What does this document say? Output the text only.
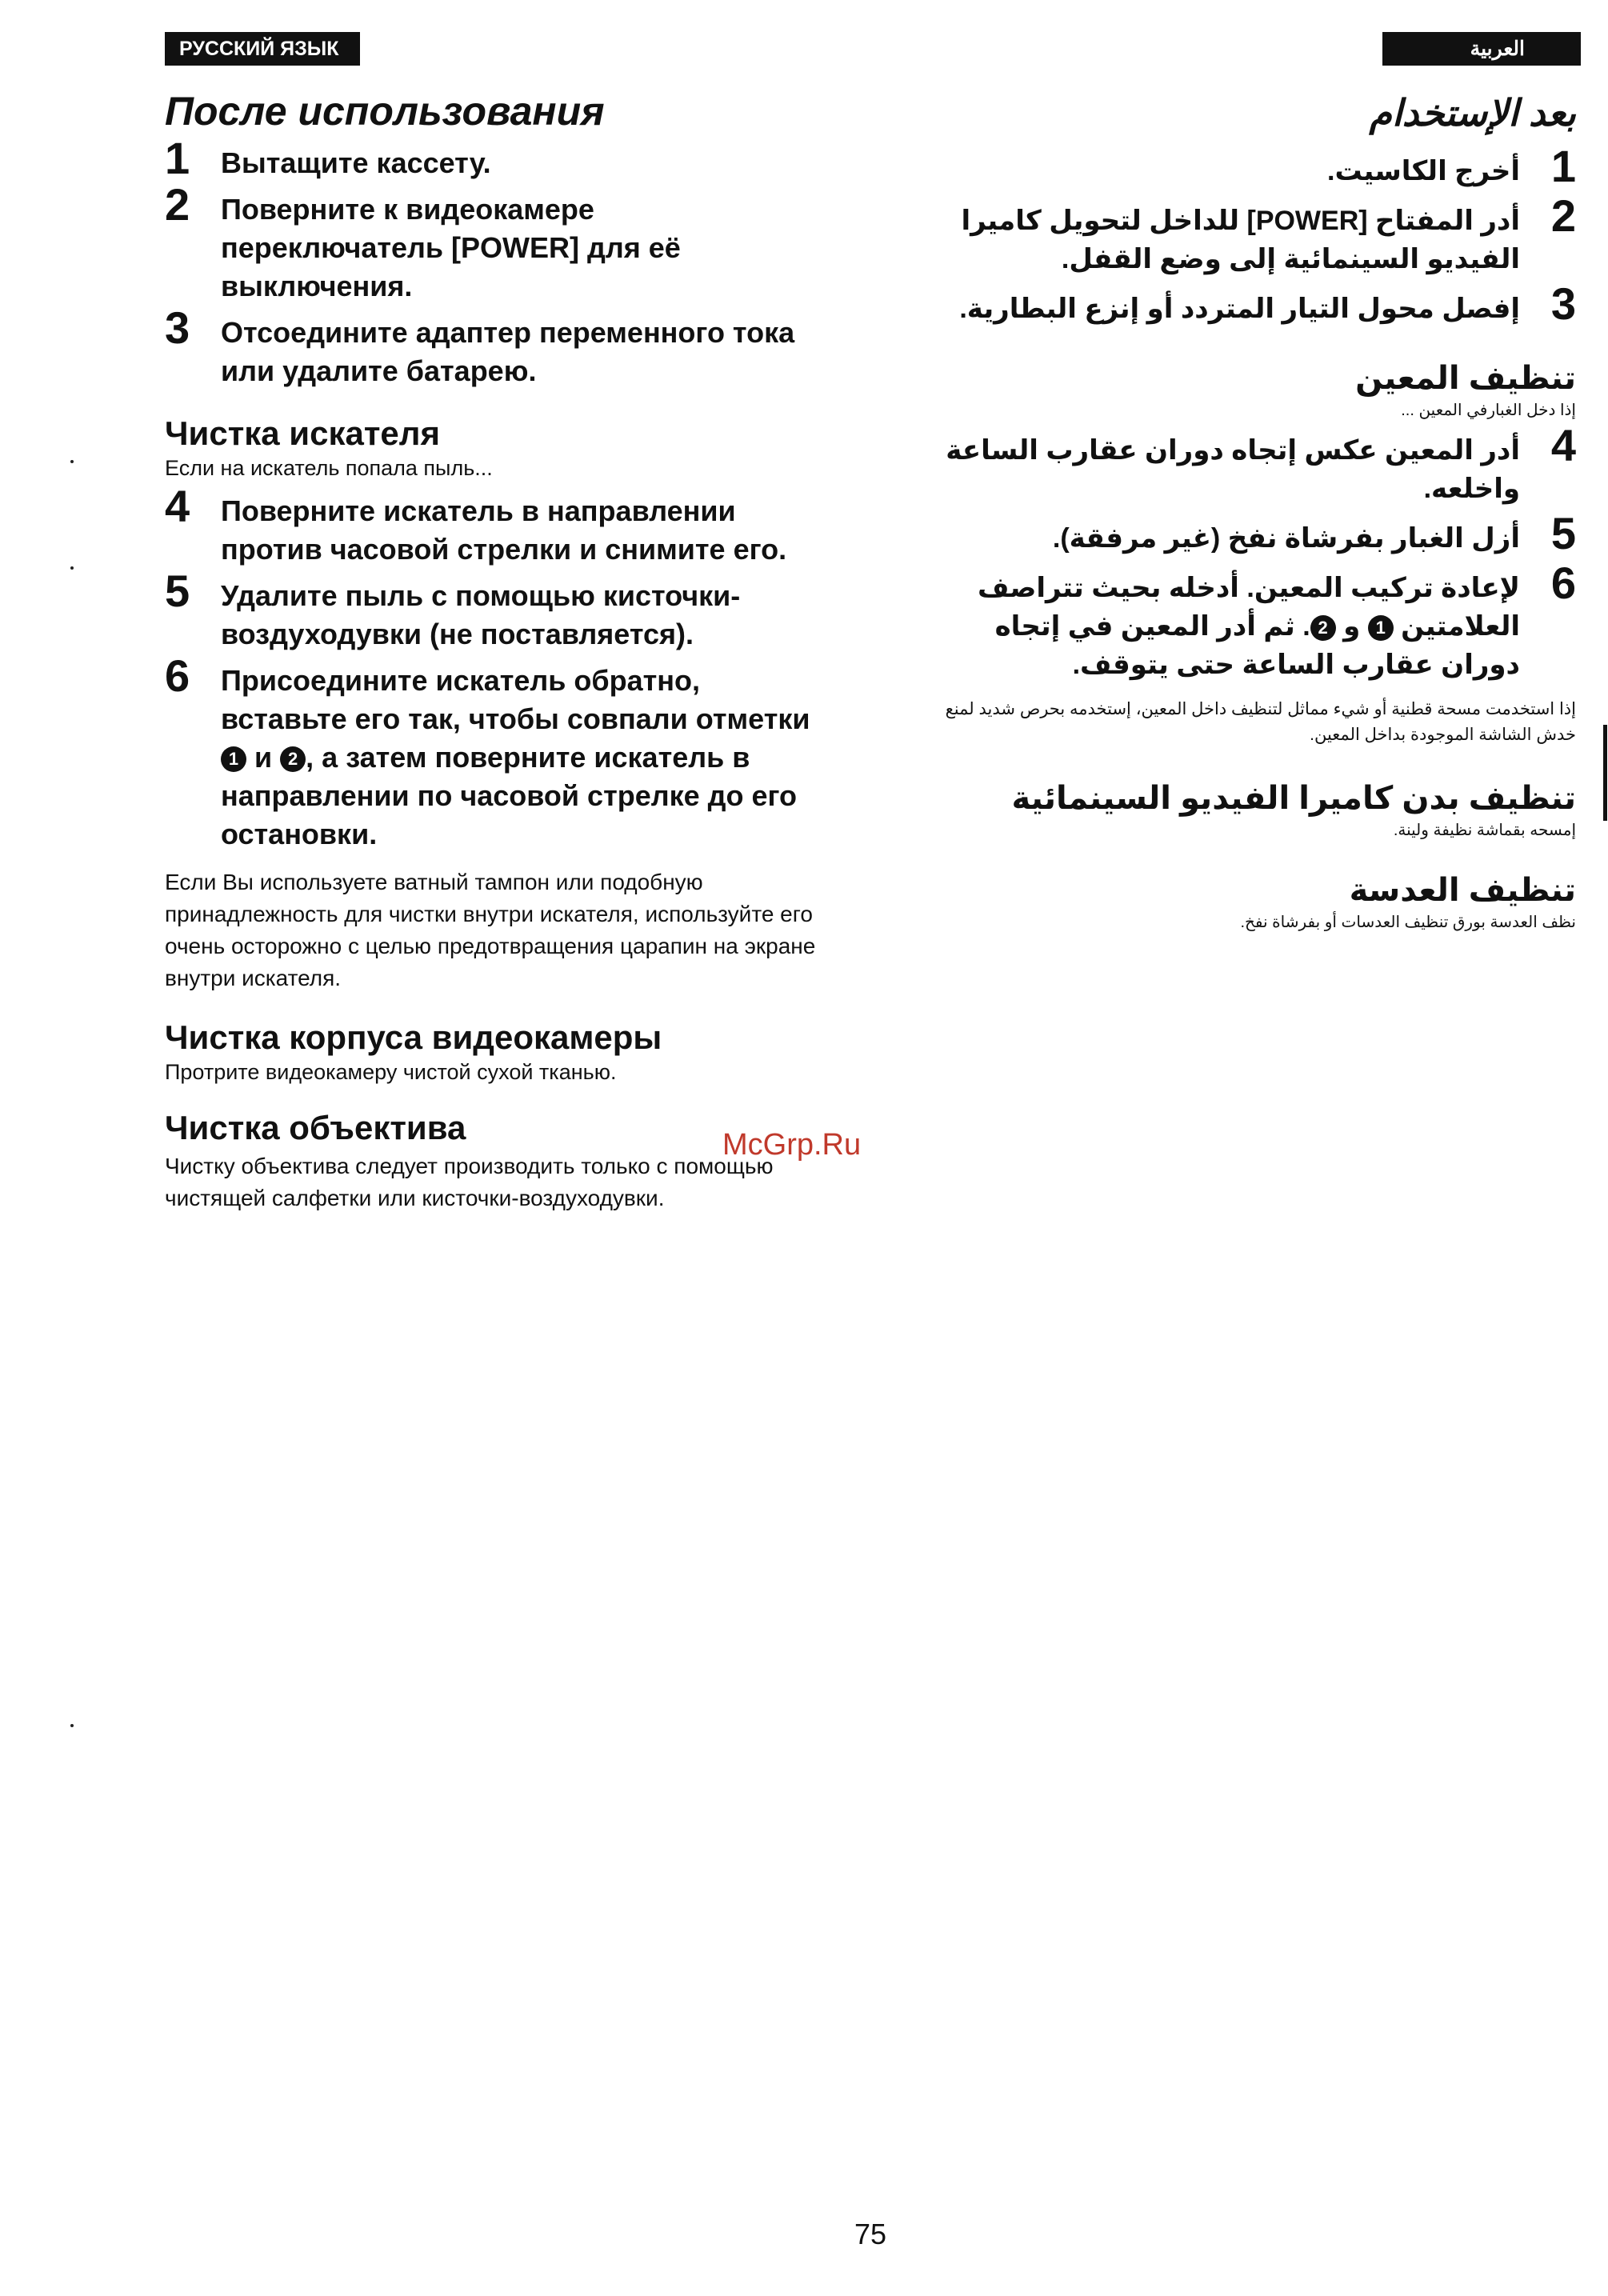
РУССКИЙ ЯЗЫК	العربية
После использования
1 Вытащите кассету.
2 Поверните к видеокамере переключатель [POWER] для её выключения.
3 Отсоедините адаптер переменного тока или удалите батарею.
Чистка искателя
Если на искатель попала пыль...
4 Поверните искатель в направлении против часовой стрелки и снимите его.
5 Удалите пыль с помощью кисточки-воздуходувки (не поставляется).
6 Присоедините искатель обратно, вставьте его так, чтобы совпали отметки 1 и 2 , а затем поверните искатель в направлении по часовой стрелке до его остановки.
Если Вы используете ватный тампон или подобную принадлежность для чистки внутри искателя, используйте его очень осторожно с целью предотвращения царапин на экране внутри искателя.
Чистка корпуса видеокамеры
Протрите видеокамеру чистой сухой тканью.
Чистка объектива
Чистку объектива следует производить только с помощью чистящей салфетки или кисточки-воздуходувки.
بعد الإستخدام
1
أخرج الكاسيت.
2
أدر المفتاح [POWER] للداخل لتحويل كاميرا الفيديو السينمائية إلى وضع القفل.
3
إفصل محول التيار المتردد أو إنزع البطارية.
تنظيف المعين
إذا دخل الغبارفي المعين ...
4
أدر المعين عكس إتجاه دوران عقارب الساعة واخلعه.
5
أزل الغبار بفرشاة نفخ (غير مرفقة).
6
لإعادة تركيب المعين. أدخله بحيث تتراصف العلامتين 1 و 2. ثم أدر المعين في إتجاه دوران عقارب الساعة حتى يتوقف.
إذا استخدمت مسحة قطنية أو شيء مماثل لتنظيف داخل المعين، إستخدمه بحرص شديد لمنع خدش الشاشة الموجودة بداخل المعين.
تنظيف بدن كاميرا الفيديو السينمائية
إمسحه بقماشة نظيفة ولينة.
تنظيف العدسة
نظف العدسة بورق تنظيف العدسات أو بفرشاة نفخ.
McGrp.Ru
75
